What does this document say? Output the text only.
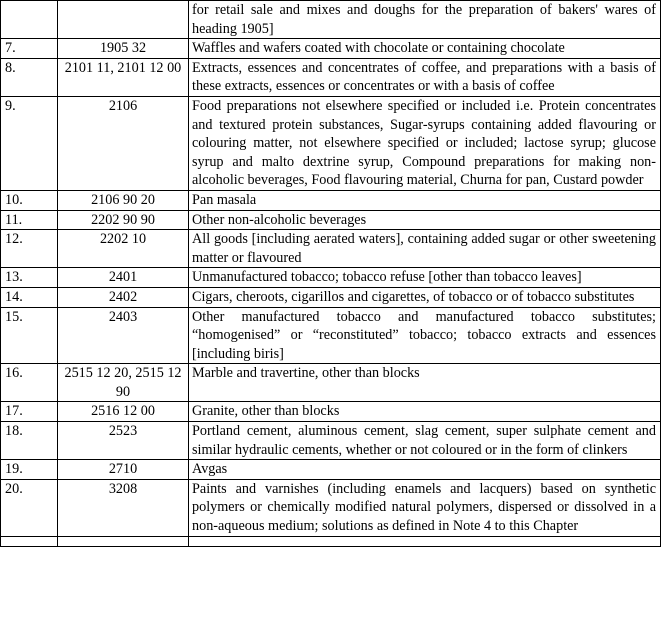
		for retail sale and mixes and doughs for the preparation of bakers' wares of heading 1905]
7.	1905 32	Waffles and wafers coated with chocolate or containing chocolate
8.	2101 11, 2101 12 00	Extracts, essences and concentrates of coffee, and preparations with a basis of these extracts, essences or concentrates or with a basis of coffee
9.	2106	Food preparations not elsewhere specified or included i.e. Protein concentrates and textured protein substances, Sugar-syrups containing added flavouring or colouring matter, not elsewhere specified or included; lactose syrup; glucose syrup and malto dextrine syrup, Compound preparations for making non-alcoholic beverages, Food flavouring material, Churna for pan, Custard powder
10.	2106 90 20	Pan masala
11.	2202 90 90	Other non-alcoholic beverages
12.	2202 10	All goods [including aerated waters], containing added sugar or other sweetening matter or flavoured
13.	2401	Unmanufactured tobacco; tobacco refuse [other than tobacco leaves]
14.	2402	Cigars, cheroots, cigarillos and cigarettes, of tobacco or of tobacco substitutes
15.	2403	Other manufactured tobacco and manufactured tobacco substitutes; “homogenised” or “reconstituted” tobacco; tobacco extracts and essences [including biris]
16.	2515 12 20, 2515 12 90	Marble and travertine, other than blocks
17.	2516 12 00	Granite, other than blocks
18.	2523	Portland cement, aluminous cement, slag cement, super sulphate cement and similar hydraulic cements, whether or not coloured or in the form of clinkers
19.	2710	Avgas
20.	3208	Paints and varnishes (including enamels and lacquers) based on synthetic polymers or chemically modified natural polymers, dispersed or dissolved in a non-aqueous medium; solutions as defined in Note 4 to this Chapter
